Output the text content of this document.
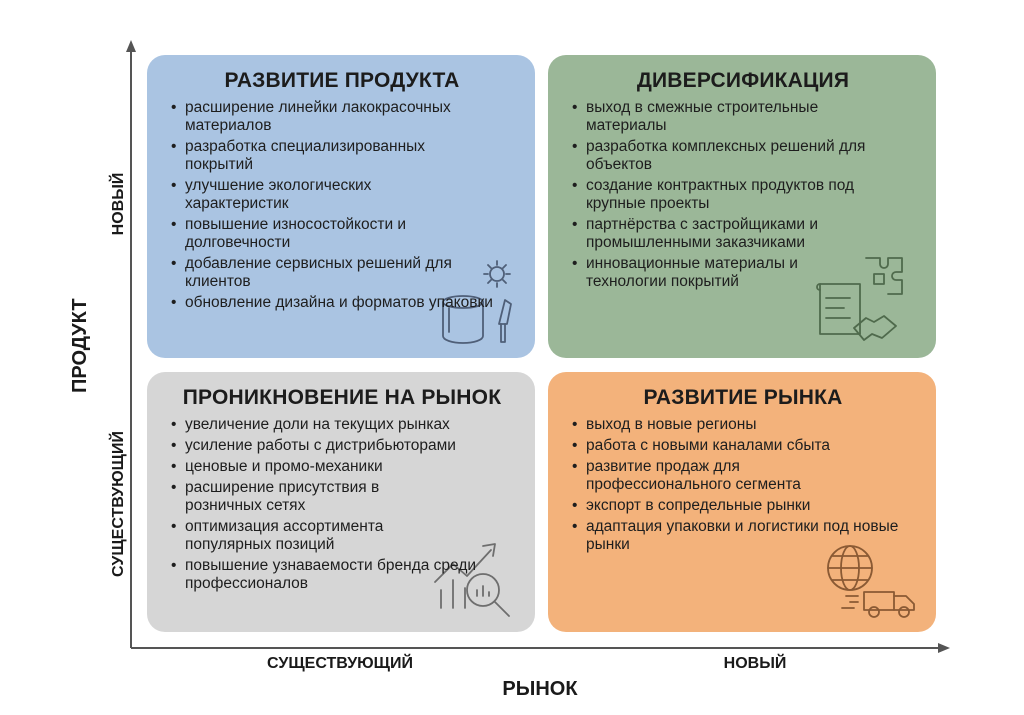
ПРОДУКТ
НОВЫЙ
СУЩЕСТВУЮЩИЙ
СУЩЕСТВУЮЩИЙ	НОВЫЙ
РЫНОК
РАЗВИТИЕ ПРОДУКТА
• расширение линейки лакокрасочных материалов
• разработка специализированных покрытий
• улучшение экологических характеристик
• повышение износостойкости и долговечности
• добавление сервисных решений для клиентов
• обновление дизайна и форматов упаковки
ДИВЕРСИФИКАЦИЯ
• выход в смежные строительные материалы
• разработка комплексных решений для объектов
• создание контрактных продуктов под крупные проекты
• партнёрства с застройщиками и промышленными заказчиками
• инновационные материалы и технологии покрытий
ПРОНИКНОВЕНИЕ НА РЫНОК
• увеличение доли на текущих рынках
• усиление работы с дистрибьюторами
• ценовые и промо-механики
• расширение присутствия в розничных сетях
• оптимизация ассортимента популярных позиций
• повышение узнаваемости бренда среди профессионалов
РАЗВИТИЕ РЫНКА
• выход в новые регионы
• работа с новыми каналами сбыта
• развитие продаж для профессионального сегмента
• экспорт в сопредельные рынки
• адаптация упаковки и логистики под новые рынки
